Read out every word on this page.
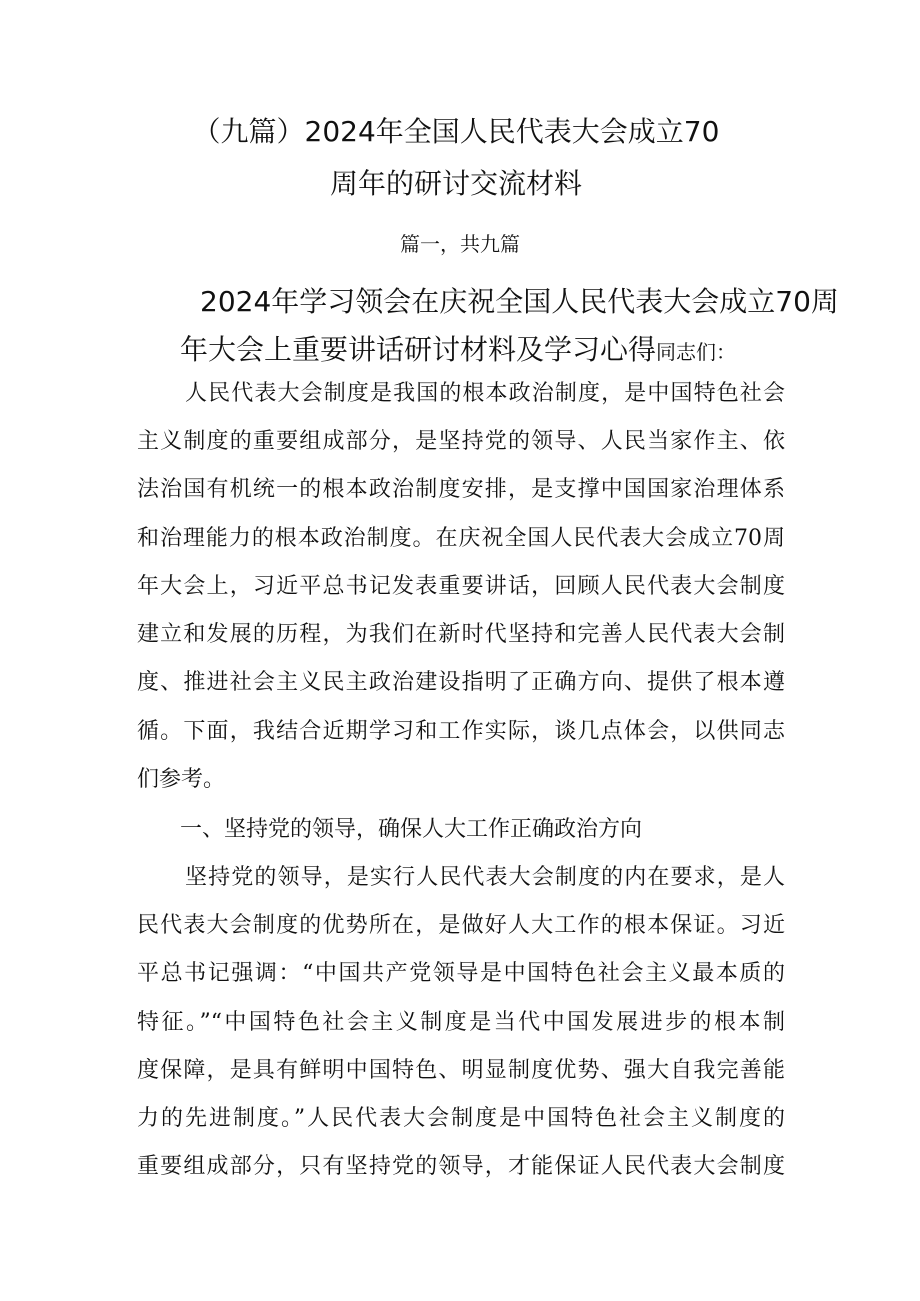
（九篇）2024年全国人民代表大会成立70
周年的研讨交流材料
篇一，共九篇
2024年学习领会在庆祝全国人民代表大会成立70周
年大会上重要讲话研讨材料及学习心得同志们：
人民代表大会制度是我国的根本政治制度，是中国特色社会
主义制度的重要组成部分，是坚持党的领导、人民当家作主、依
法治国有机统一的根本政治制度安排，是支撑中国国家治理体系
和治理能力的根本政治制度。在庆祝全国人民代表大会成立70周
年大会上，习近平总书记发表重要讲话，回顾人民代表大会制度
建立和发展的历程，为我们在新时代坚持和完善人民代表大会制
度、推进社会主义民主政治建设指明了正确方向、提供了根本遵
循。下面，我结合近期学习和工作实际，谈几点体会，以供同志
们参考。
一、坚持党的领导，确保人大工作正确政治方向
坚持党的领导，是实行人民代表大会制度的内在要求，是人
民代表大会制度的优势所在，是做好人大工作的根本保证。习近
平总书记强调：“中国共产党领导是中国特色社会主义最本质的
特征。”“中国特色社会主义制度是当代中国发展进步的根本制
度保障，是具有鲜明中国特色、明显制度优势、强大自我完善能
力的先进制度。”人民代表大会制度是中国特色社会主义制度的
重要组成部分，只有坚持党的领导，才能保证人民代表大会制度
